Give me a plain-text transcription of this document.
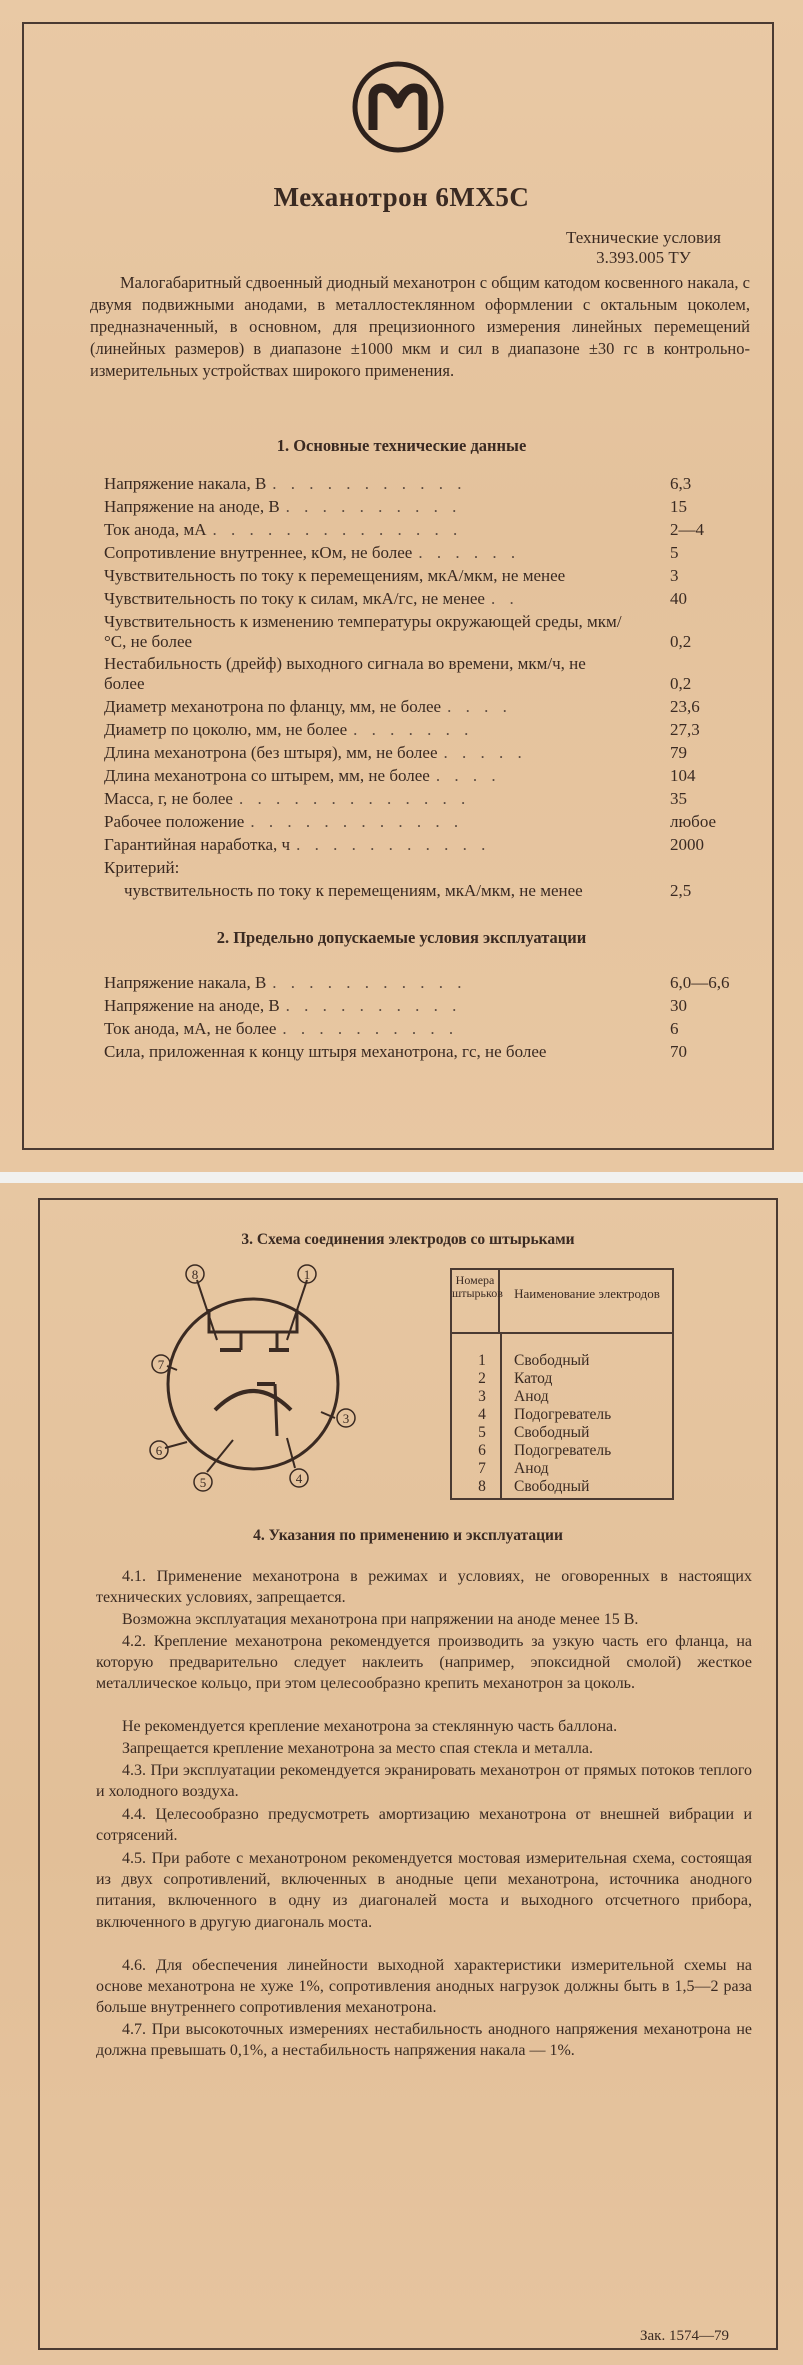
Механотрон 6МХ5С
Технические условия
3.393.005 ТУ
Малогабаритный сдвоенный диодный механотрон с общим катодом косвенного накала, с двумя подвижными анодами, в металлостеклянном оформлении с октальным цоколем, предназначенный, в основном, для прецизионного измерения линейных перемещений (линейных размеров) в диапазоне ±1000 мкм и сил в диапазоне ±30 гс в контрольно-измерительных устройствах широкого применения.
1. Основные технические данные
Напряжение накала, В . . . . . . . . . . .	6,3
Напряжение на аноде, В . . . . . . . . . .	15
Ток анода, мА . . . . . . . . . . . . . .	2—4
Сопротивление внутреннее, кОм, не более . . . . . .	5
Чувствительность по току к перемещениям, мкА/мкм, не менее	3
Чувствительность по току к силам, мкА/гс, не менее . .	40
Чувствительность к изменению температуры окружающей среды, мкм/°С, не более	0,2
Нестабильность (дрейф) выходного сигнала во времени, мкм/ч, не более	0,2
Диаметр механотрона по фланцу, мм, не более . . . .	23,6
Диаметр по цоколю, мм, не более . . . . . . .	27,3
Длина механотрона (без штыря), мм, не более . . . . .	79
Длина механотрона со штырем, мм, не более . . . .	104
Масса, г, не более . . . . . . . . . . . . .	35
Рабочее положение . . . . . . . . . . . .	любое
Гарантийная наработка, ч . . . . . . . . . . .	2000
Критерий:
чувствительность по току к перемещениям, мкА/мкм, не менее	2,5
2. Предельно допускаемые условия эксплуатации
Напряжение накала, В . . . . . . . . . . .	6,0—6,6
Напряжение на аноде, В . . . . . . . . . .	30
Ток анода, мА, не более . . . . . . . . . .	6
Сила, приложенная к концу штыря механотрона, гс, не более	70
3. Схема соединения электродов со штырьками
8	1
7
3
6
5	4
Номера штырьков Наименование электродов
1 Свободный
2 Катод
3 Анод
4 Подогреватель
5 Свободный
6 Подогреватель
7 Анод
8 Свободный
4. Указания по применению и эксплуатации
4.1. Применение механотрона в режимах и условиях, не оговоренных в настоящих технических условиях, запрещается.
Возможна эксплуатация механотрона при напряжении на аноде менее 15 В.
4.2. Крепление механотрона рекомендуется производить за узкую часть его фланца, на которую предварительно следует наклеить (например, эпоксидной смолой) жесткое металлическое кольцо, при этом целесообразно крепить механотрон за цоколь.
Не рекомендуется крепление механотрона за стеклянную часть баллона.
Запрещается крепление механотрона за место спая стекла и металла.
4.3. При эксплуатации рекомендуется экранировать механотрон от прямых потоков теплого и холодного воздуха.
4.4. Целесообразно предусмотреть амортизацию механотрона от внешней вибрации и сотрясений.
4.5. При работе с механотроном рекомендуется мостовая измерительная схема, состоящая из двух сопротивлений, включенных в анодные цепи механотрона, источника анодного питания, включенного в одну из диагоналей моста и выходного отсчетного прибора, включенного в другую диагональ моста.
4.6. Для обеспечения линейности выходной характеристики измерительной схемы на основе механотрона не хуже 1%, сопротивления анодных нагрузок должны быть в 1,5—2 раза больше внутреннего сопротивления механотрона.
4.7. При высокоточных измерениях нестабильность анодного напряжения механотрона не должна превышать 0,1%, а нестабильность напряжения накала — 1%.
Зак. 1574—79
